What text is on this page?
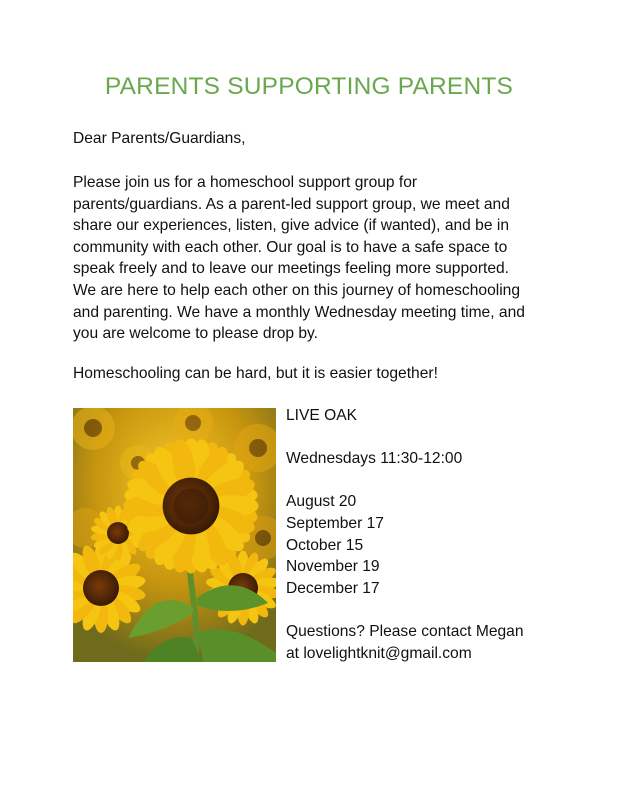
PARENTS SUPPORTING PARENTS

Dear Parents/Guardians,

Please join us for a homeschool support group for
parents/guardians. As a parent-led support group, we meet and
share our experiences, listen, give advice (if wanted), and be in
community with each other. Our goal is to have a safe space to
speak freely and to leave our meetings feeling more supported.
We are here to help each other on this journey of homeschooling
and parenting. We have a monthly Wednesday meeting time, and
you are welcome to please drop by.

Homeschooling can be hard, but it is easier together!

LIVE OAK
Wednesdays 11:30-12:00
August 20
September 17
October 15
November 19
December 17
Questions? Please contact Megan
at lovelightknit@gmail.com
